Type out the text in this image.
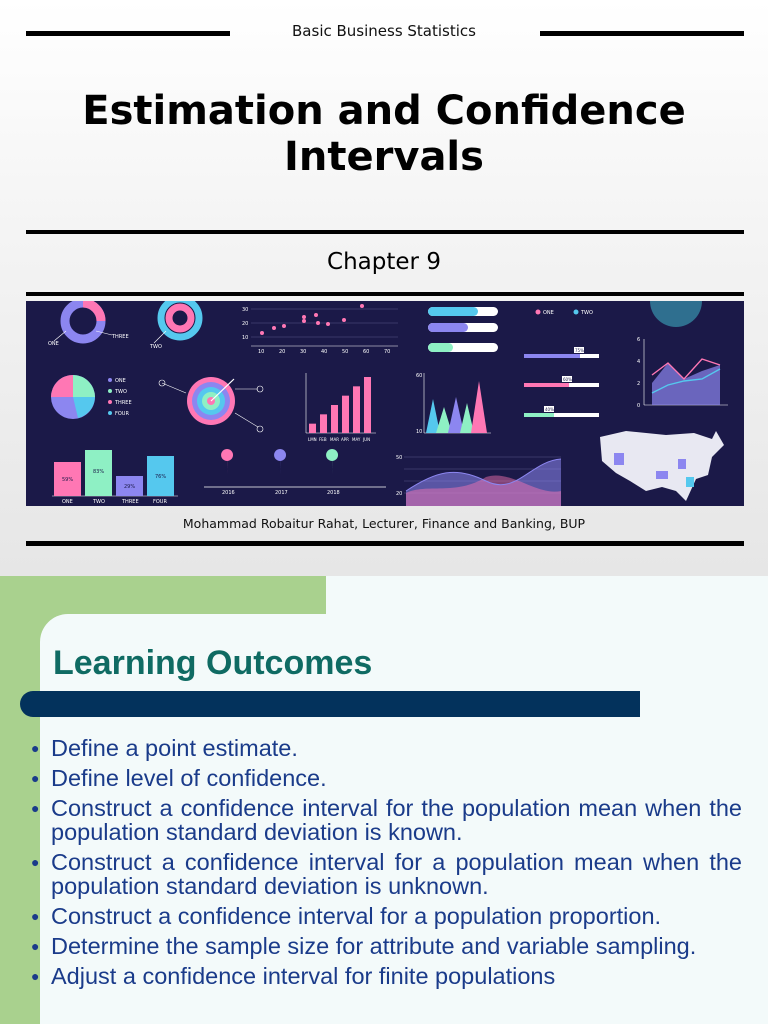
Basic Business Statistics
Estimation and Confidence
Intervals
Chapter 9
ONE
THREE
TWO
30
20
10
10	20	30	40	50	60	70
ONE	TWO
75%
60%
40%
6
4
2
0
ONE
TWO
THREE
FOUR
LMN FEB MAR APR MAY JUN
60
10
59%
83%
29%
76%
ONE	TWO	THREE	FOUR
$	$	$
2016	2017	2018
50
20
Mohammad Robaitur Rahat, Lecturer, Finance and Banking, BUP
Learning Outcomes
● Define a point estimate.
● Define level of confidence.
● Construct a confidence interval for the population mean when the population standard deviation is known.
● Construct a confidence interval for a population mean when the population standard deviation is unknown.
● Construct a confidence interval for a population proportion.
● Determine the sample size for attribute and variable sampling.
● Adjust a confidence interval for finite populations
